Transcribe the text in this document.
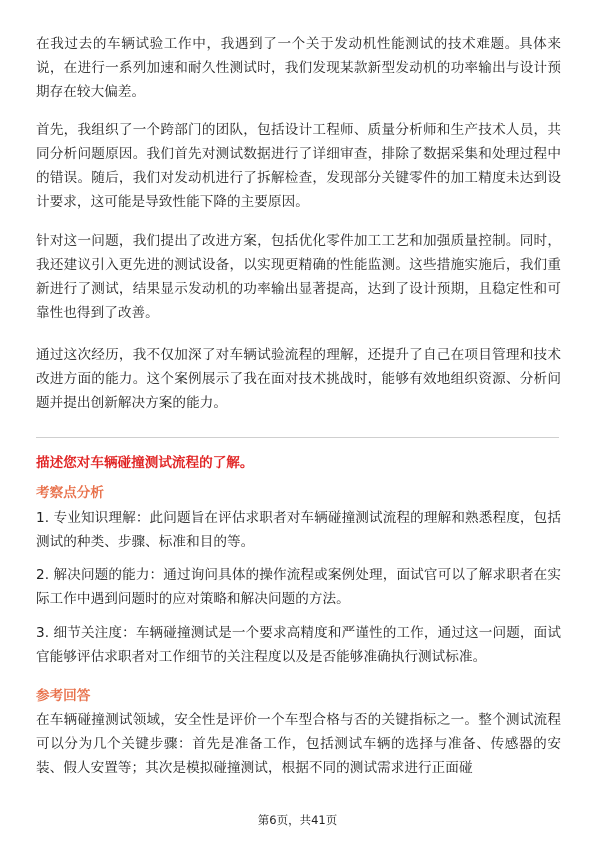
在我过去的车辆试验工作中，我遇到了一个关于发动机性能测试的技术难题。具体来说，在进行一系列加速和耐久性测试时，我们发现某款新型发动机的功率输出与设计预期存在较大偏差。

首先，我组织了一个跨部门的团队，包括设计工程师、质量分析师和生产技术人员，共同分析问题原因。我们首先对测试数据进行了详细审查，排除了数据采集和处理过程中的错误。随后，我们对发动机进行了拆解检查，发现部分关键零件的加工精度未达到设计要求，这可能是导致性能下降的主要原因。

针对这一问题，我们提出了改进方案，包括优化零件加工工艺和加强质量控制。同时，我还建议引入更先进的测试设备，以实现更精确的性能监测。这些措施实施后，我们重新进行了测试，结果显示发动机的功率输出显著提高，达到了设计预期，且稳定性和可靠性也得到了改善。

通过这次经历，我不仅加深了对车辆试验流程的理解，还提升了自己在项目管理和技术改进方面的能力。这个案例展示了我在面对技术挑战时，能够有效地组织资源、分析问题并提出创新解决方案的能力。

描述您对车辆碰撞测试流程的了解。

考察点分析

1. 专业知识理解：此问题旨在评估求职者对车辆碰撞测试流程的理解和熟悉程度，包括测试的种类、步骤、标准和目的等。

2. 解决问题的能力：通过询问具体的操作流程或案例处理，面试官可以了解求职者在实际工作中遇到问题时的应对策略和解决问题的方法。

3. 细节关注度：车辆碰撞测试是一个要求高精度和严谨性的工作，通过这一问题，面试官能够评估求职者对工作细节的关注程度以及是否能够准确执行测试标准。

参考回答

在车辆碰撞测试领域，安全性是评价一个车型合格与否的关键指标之一。整个测试流程可以分为几个关键步骤：首先是准备工作，包括测试车辆的选择与准备、传感器的安装、假人安置等；其次是模拟碰撞测试，根据不同的测试需求进行正面碰

第6页，共41页
